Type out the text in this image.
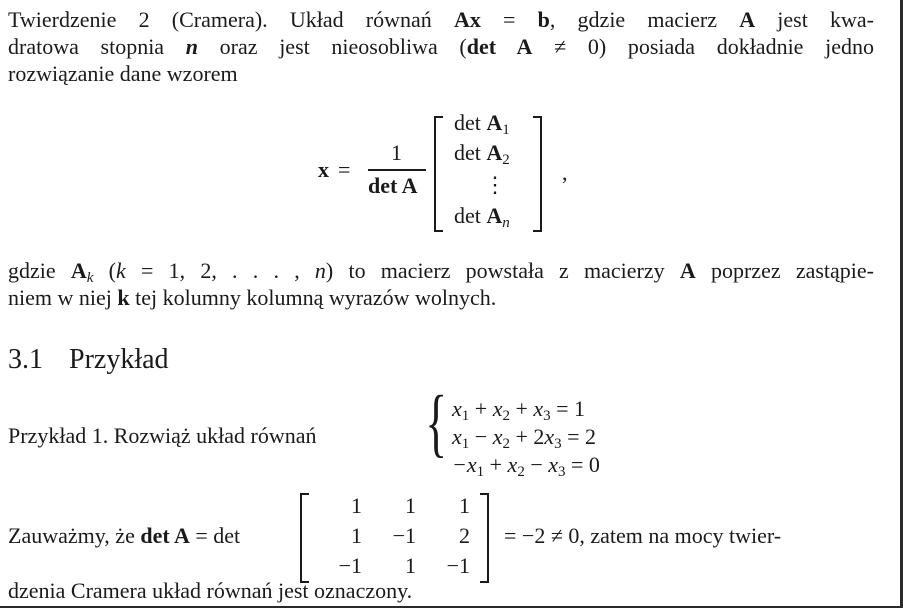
Twierdzenie 2 (Cramera). Układ równań Ax = b, gdzie macierz A jest kwa-
dratowa stopnia n oraz jest nieosobliwa (det A ≠ 0) posiada dokładnie jedno
rozwiązanie dane wzorem
x =
1
det A
$\det A_1$
$\det A_2$
⋮
$\det A_n$
,
gdzie $A_k$ (k = 1, 2, . . . , n) to macierz powstała z macierzy A poprzez zastąpie-
niem w niej k tej kolumny kolumną wyrazów wolnych.
3.1 Przykład
Przykład 1. Rozwiąż układ równań { $x_1 + x_2 + x_3 = 1$
$x_1 - x_2 + 2x_3 = 2$
$-x_1 + x_2 - x_3 = 0$
Zauważmy, że det A = det
1	1	1
1 −1	2
−1	1 −1
= −2 ≠ 0, zatem na mocy twier-
dzenia Cramera układ równań jest oznaczony.
